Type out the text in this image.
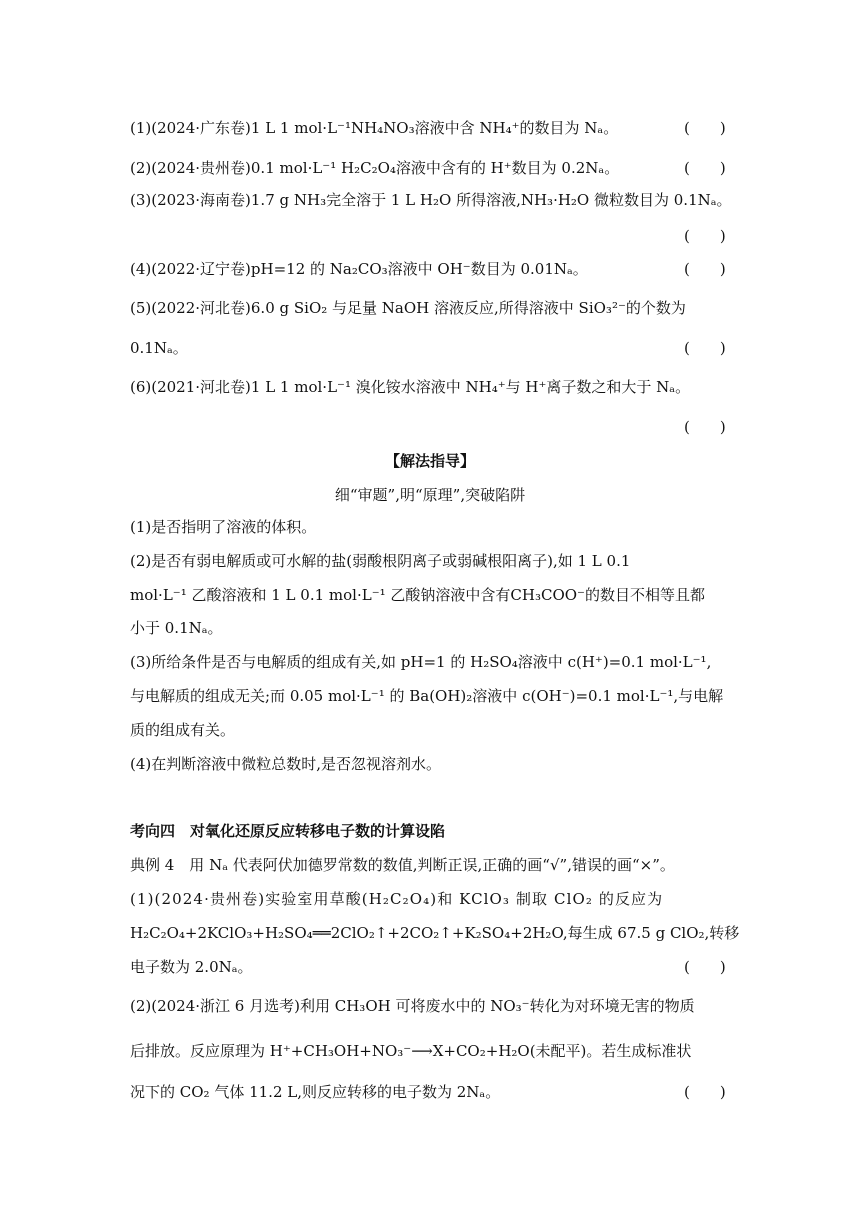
(1)(2024·广东卷)1 L 1 mol·L⁻¹NH₄NO₃溶液中含 NH₄⁺的数目为 Nₐ。	(　　)
(2)(2024·贵州卷)0.1 mol·L⁻¹ H₂C₂O₄溶液中含有的 H⁺数目为 0.2Nₐ。	(　　)
(3)(2023·海南卷)1.7 g NH₃完全溶于 1 L H₂O 所得溶液,NH₃·H₂O 微粒数目为 0.1Nₐ。
(　　)
(4)(2022·辽宁卷)pH=12 的 Na₂CO₃溶液中 OH⁻数目为 0.01Nₐ。	(　　)
(5)(2022·河北卷)6.0 g SiO₂ 与足量 NaOH 溶液反应,所得溶液中 SiO₃²⁻的个数为
0.1Nₐ。	(　　)
(6)(2021·河北卷)1 L 1 mol·L⁻¹ 溴化铵水溶液中 NH₄⁺与 H⁺离子数之和大于 Nₐ。
(　　)
【解法指导】
细“审题”,明“原理”,突破陷阱
(1)是否指明了溶液的体积。
(2)是否有弱电解质或可水解的盐(弱酸根阴离子或弱碱根阳离子),如 1 L 0.1
mol·L⁻¹ 乙酸溶液和 1 L 0.1 mol·L⁻¹ 乙酸钠溶液中含有CH₃COO⁻的数目不相等且都
小于 0.1Nₐ。
(3)所给条件是否与电解质的组成有关,如 pH=1 的 H₂SO₄溶液中 c(H⁺)=0.1 mol·L⁻¹,
与电解质的组成无关;而 0.05 mol·L⁻¹ 的 Ba(OH)₂溶液中 c(OH⁻)=0.1 mol·L⁻¹,与电解
质的组成有关。
(4)在判断溶液中微粒总数时,是否忽视溶剂水。
考向四　对氧化还原反应转移电子数的计算设陷
典例 4　用 Nₐ 代表阿伏加德罗常数的数值,判断正误,正确的画“√”,错误的画“×”。
(1)(2024·贵州卷)实验室用草酸(H₂C₂O₄)和 KClO₃ 制取 ClO₂ 的反应为
H₂C₂O₄+2KClO₃+H₂SO₄══2ClO₂↑+2CO₂↑+K₂SO₄+2H₂O,每生成 67.5 g ClO₂,转移
电子数为 2.0Nₐ。	(　　)
(2)(2024·浙江 6 月选考)利用 CH₃OH 可将废水中的 NO₃⁻转化为对环境无害的物质
后排放。反应原理为 H⁺+CH₃OH+NO₃⁻⟶X+CO₂+H₂O(未配平)。若生成标准状
况下的 CO₂ 气体 11.2 L,则反应转移的电子数为 2Nₐ。	(　　)
